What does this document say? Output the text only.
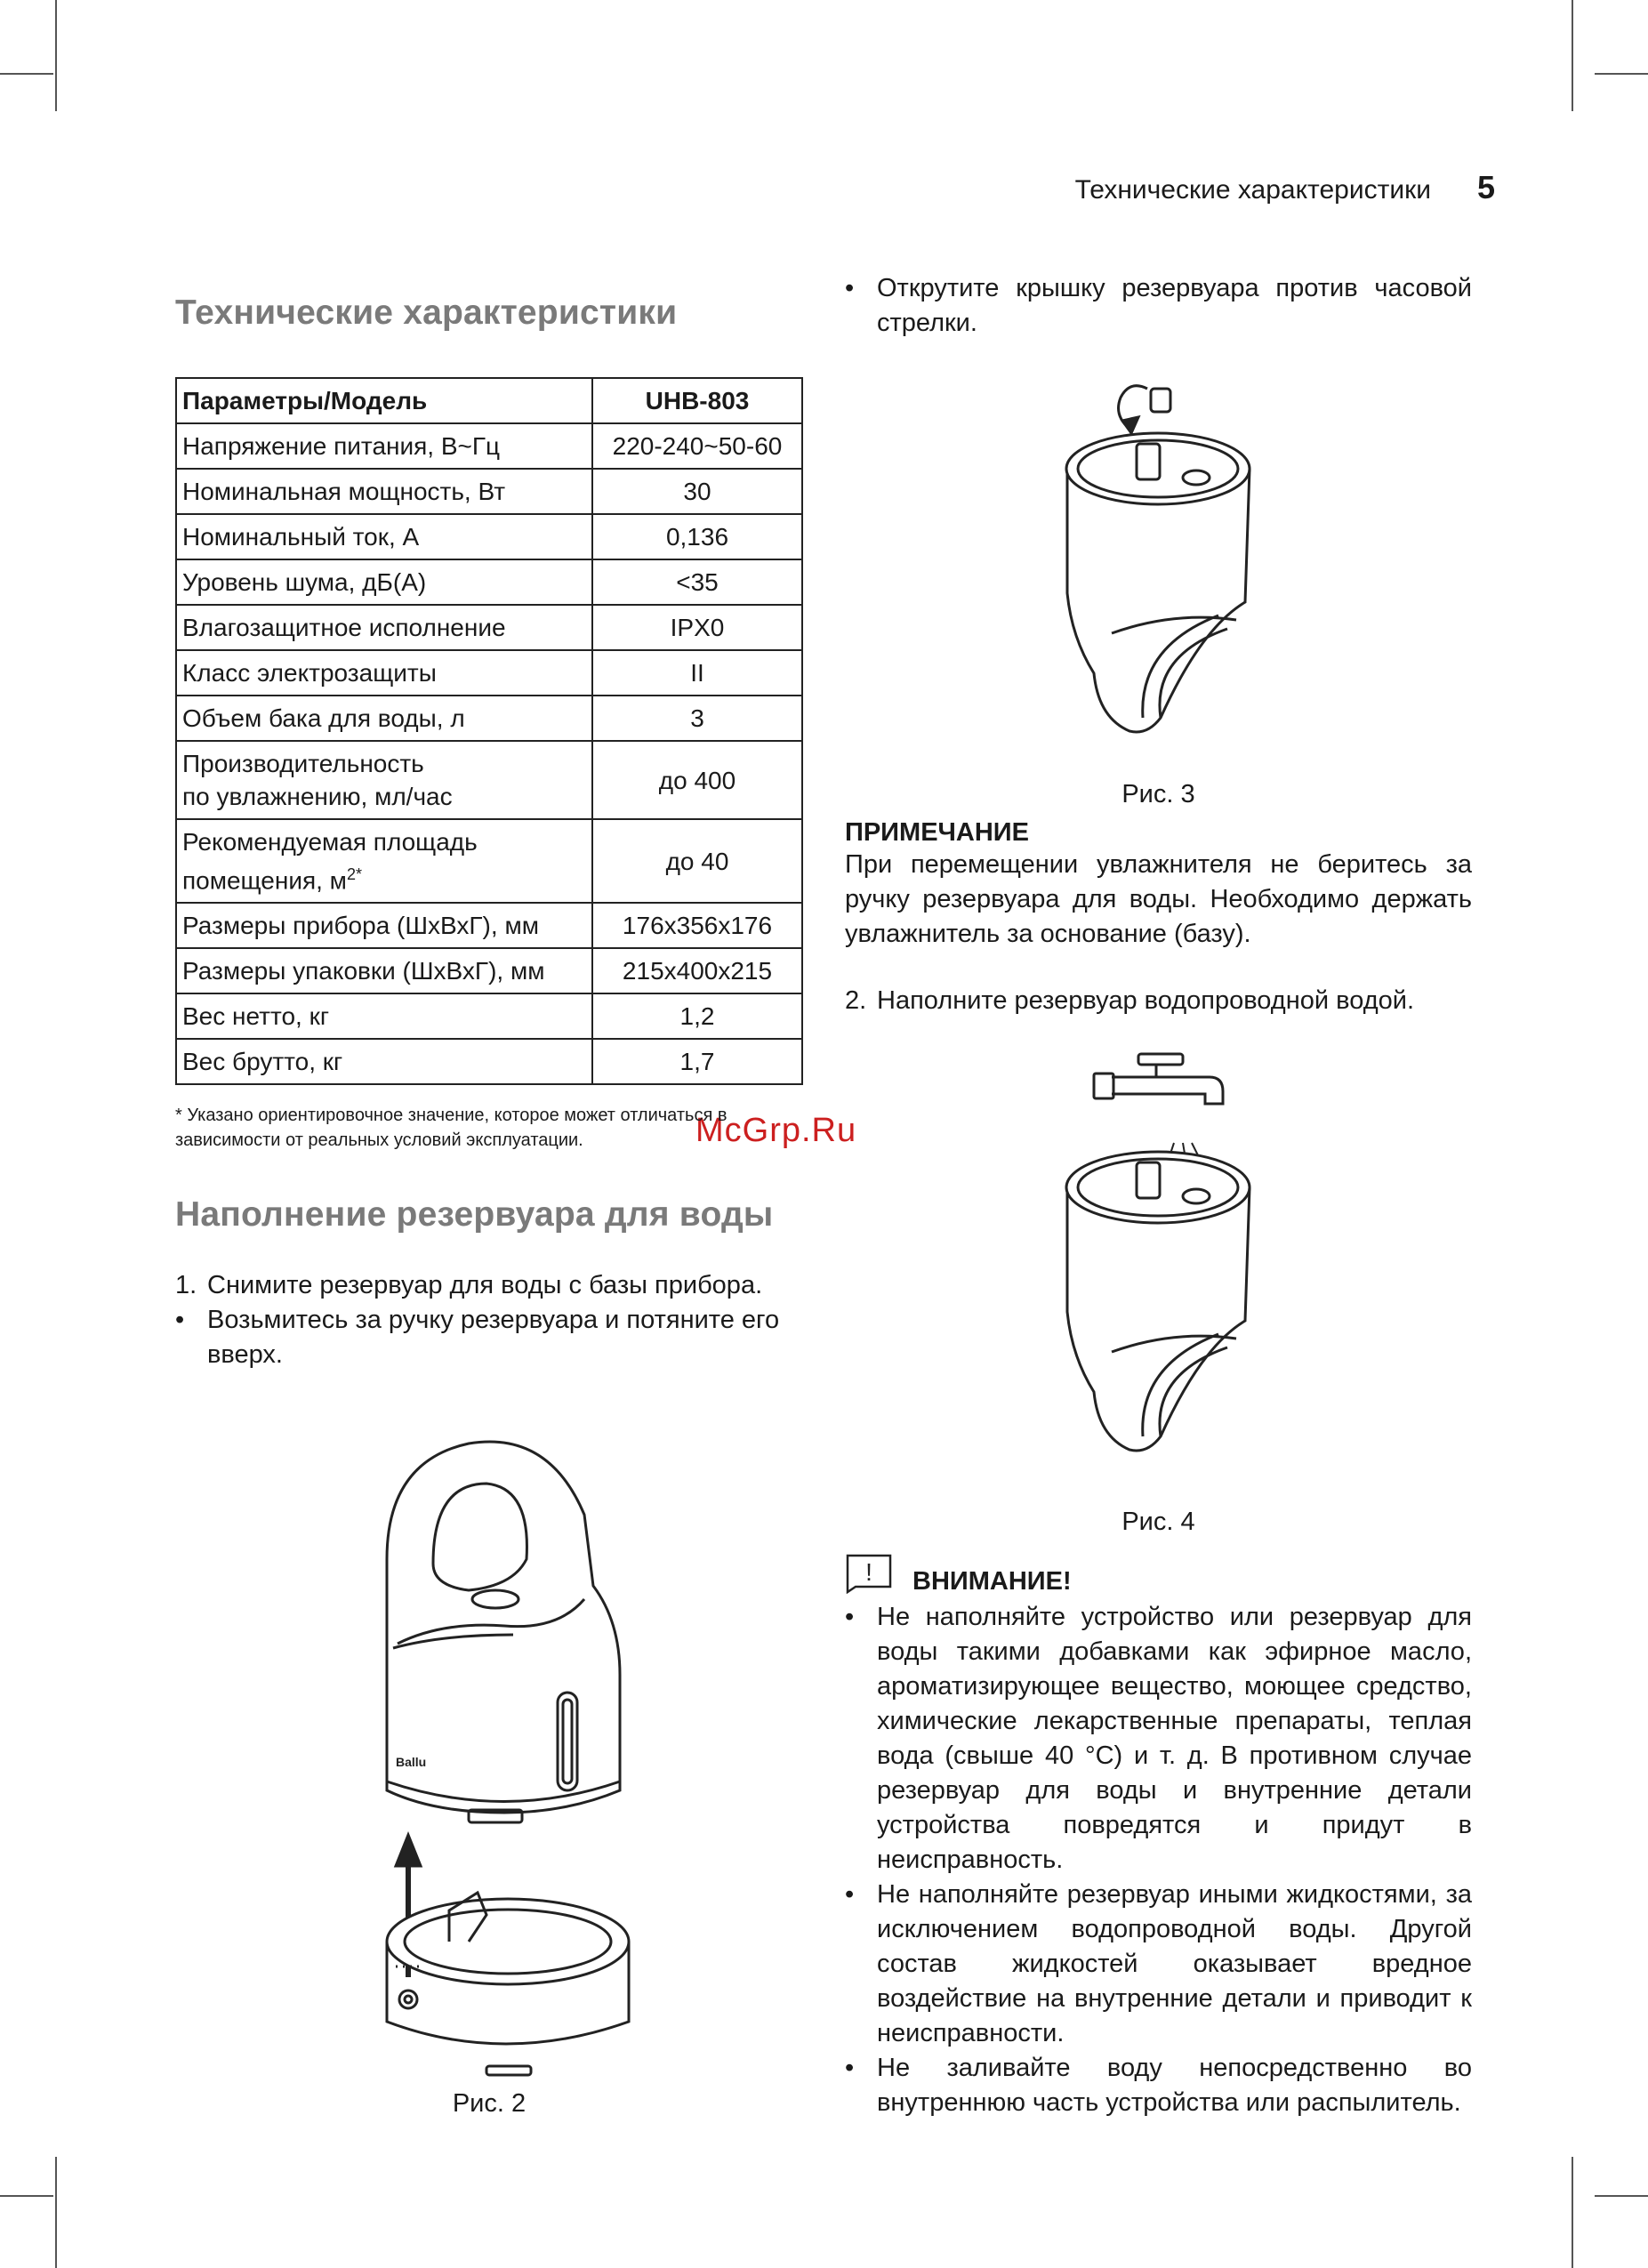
Технические характеристики 5
McGrp.Ru
Технические характеристики
Параметры/Модель	UHB-803
Напряжение питания, В~Гц	220-240~50-60
Номинальная мощность, Вт	30
Номинальный ток, А	0,136
Уровень шума, дБ(А)	<35
Влагозащитное исполнение	IPX0
Класс электрозащиты	II
Объем бака для воды, л	3
Производительность
по увлажнению, мл/час	до 400
Рекомендуемая площадь
помещения, $м^{2*}$	до 40
Размеры прибора (ШхВхГ), мм	176x356x176
Размеры упаковки (ШхВхГ), мм	215x400x215
Вес нетто, кг	1,2
Вес брутто, кг	1,7
* Указано ориентировочное значение, которое может отличаться в зависимости от реальных условий эксплуатации.
Наполнение резервуара для воды
1. Снимите резервуар для воды с базы прибора.
• Возьмитесь за ручку резервуара и потяните его вверх.
Ballu
Рис. 2
• Открутите крышку резервуара против часовой стрелки.
Рис. 3
ПРИМЕЧАНИЕ
При перемещении увлажнителя не беритесь за ручку резервуара для воды. Необходимо держать увлажнитель за основание (базу).
2. Наполните резервуар водопроводной водой.
Рис. 4
! ВНИМАНИЕ!
• Не наполняйте устройство или резервуар для воды такими добавками как эфирное масло, ароматизирующее вещество, моющее средство, химические лекарственные препараты, теплая вода (свыше 40 °С) и т. д. В противном случае резервуар для воды и внутренние детали устройства повредятся и придут в неисправность.
• Не наполняйте резервуар иными жидкостями, за исключением водопроводной воды. Другой состав жидкостей оказывает вредное воздействие на внутренние детали и приводит к неисправности.
• Не заливайте воду непосредственно во внутреннюю часть устройства или распылитель.
